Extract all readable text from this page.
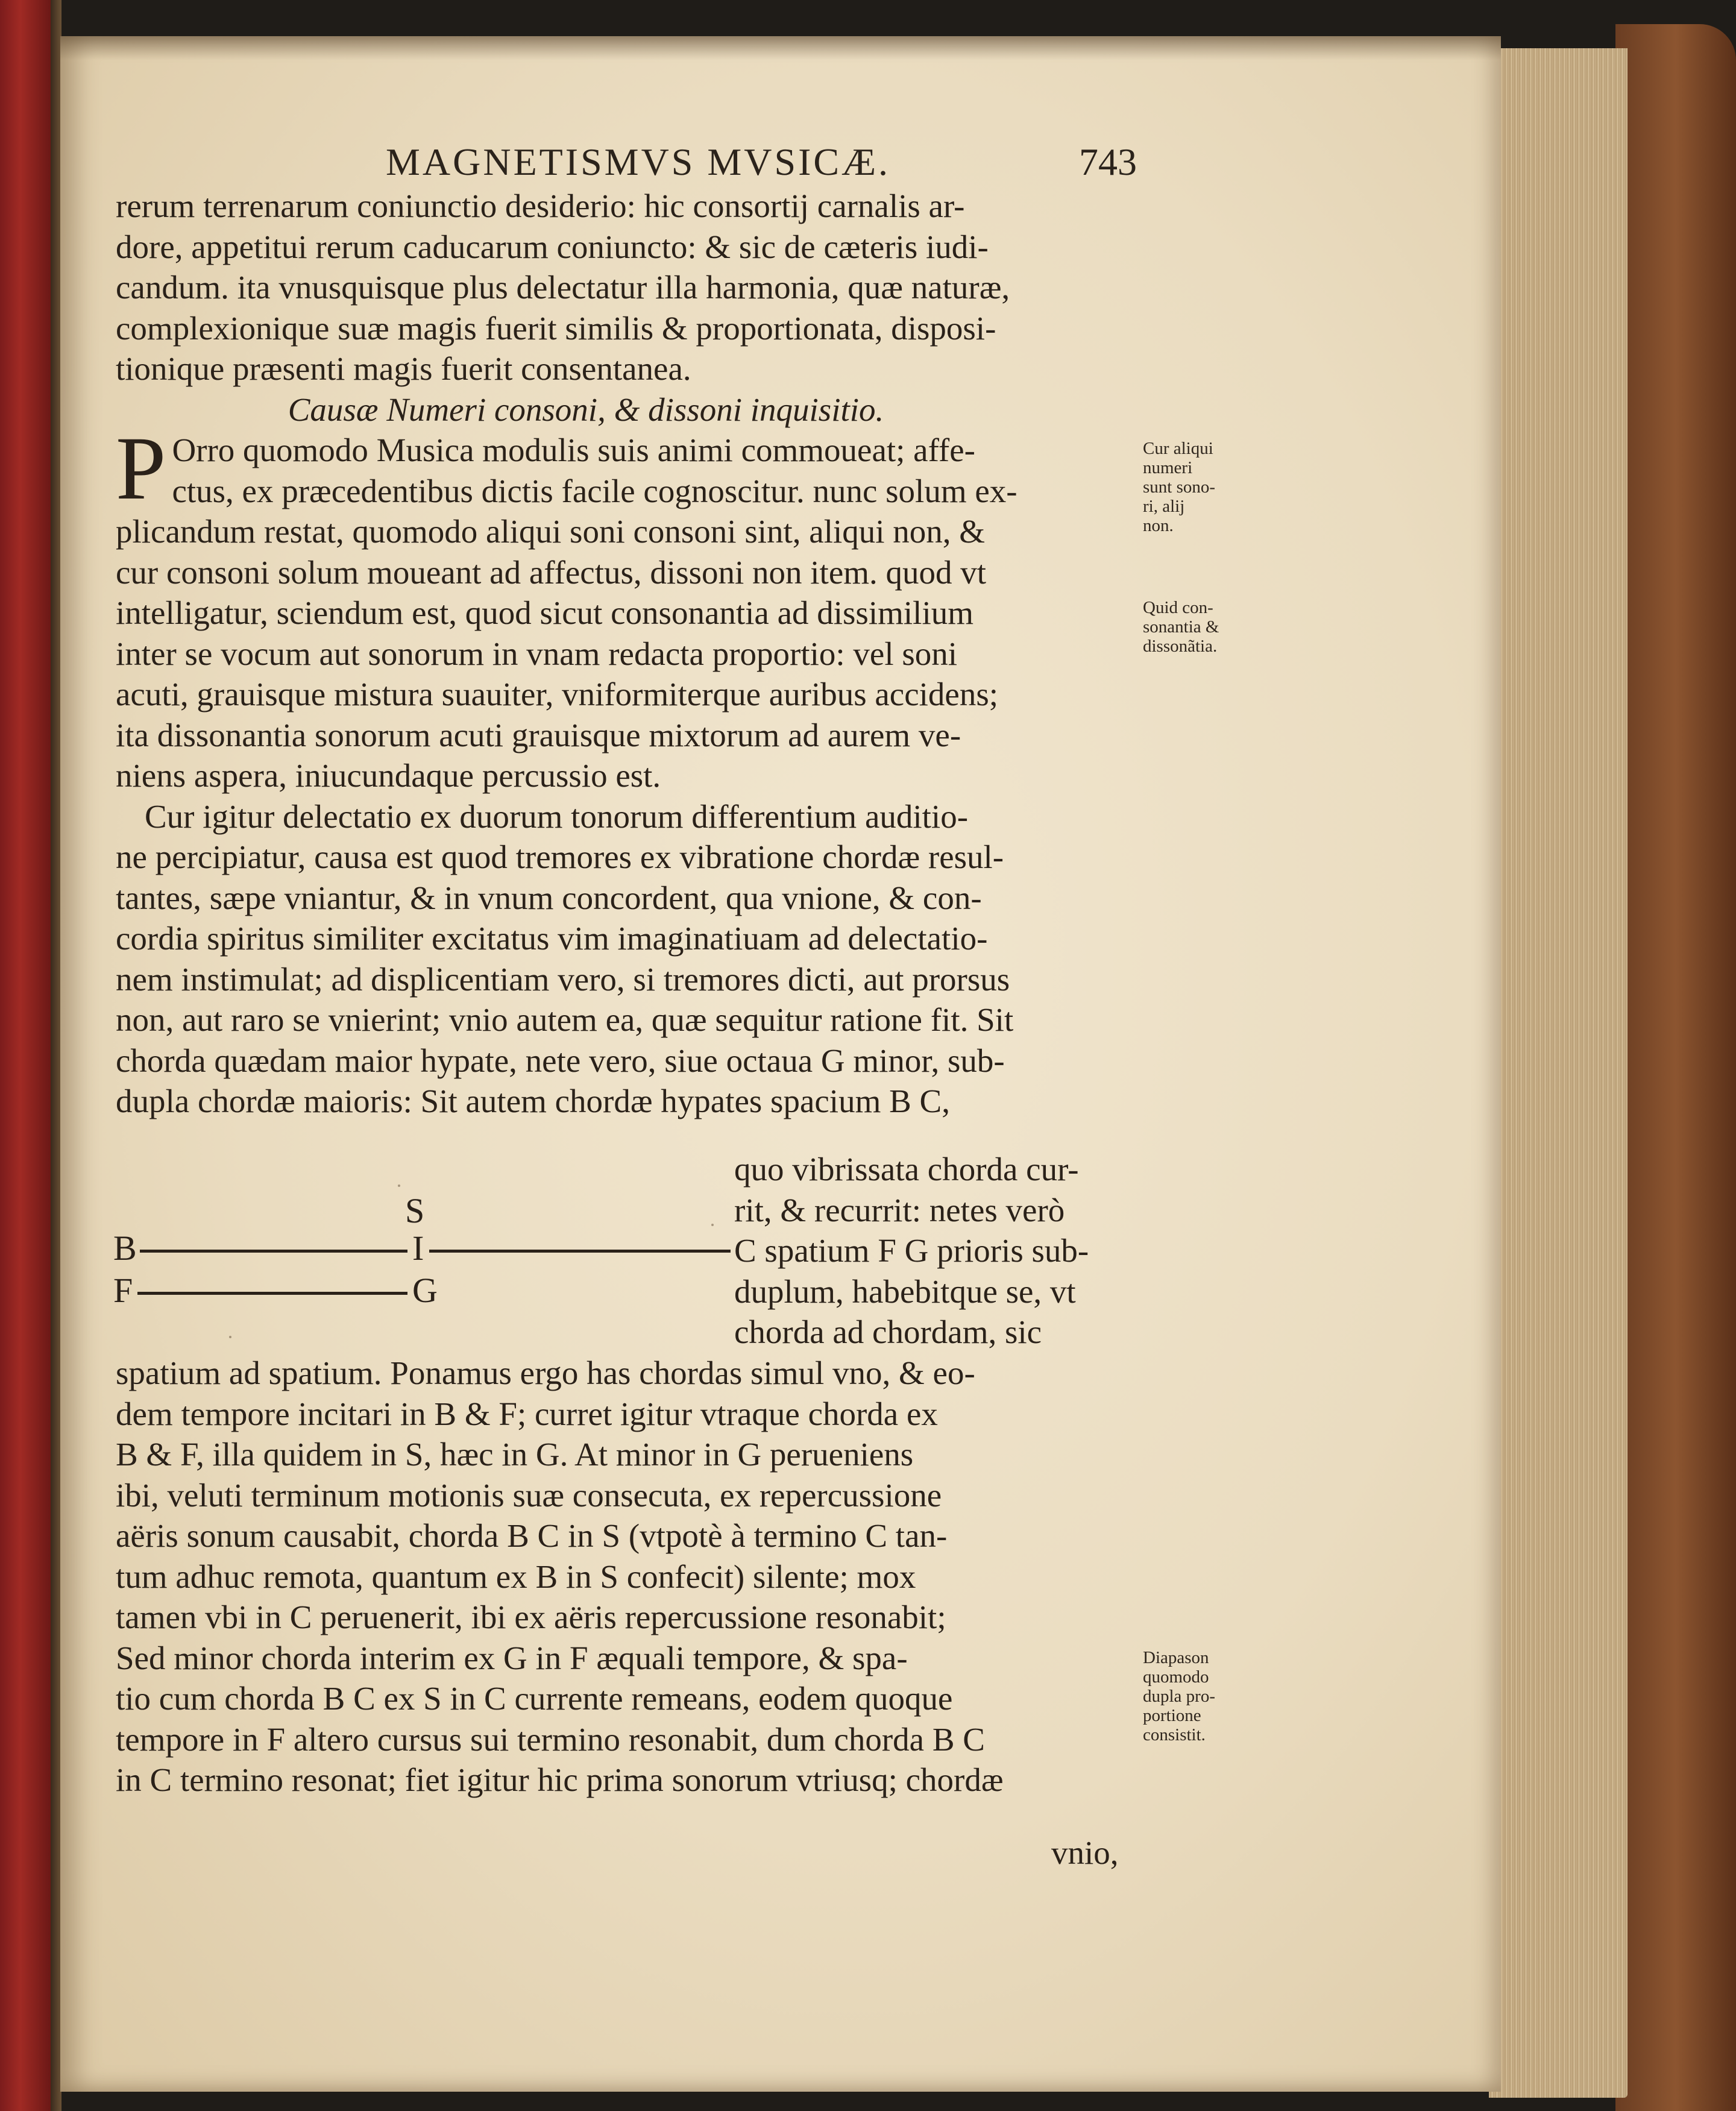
MAGNETISMVS MVSICÆ.	743
rerum terrenarum coniunctio desiderio: hic consortij carnalis ar-
dore, appetitui rerum caducarum coniuncto: & sic de cæteris iudi-
candum. ita vnusquisque plus delectatur illa harmonia, quæ naturæ,
complexionique suæ magis fuerit similis & proportionata, disposi-
tionique præsenti magis fuerit consentanea.
Causæ Numeri consoni, & dissoni inquisitio.
P Orro quomodo Musica modulis suis animi commoueat; affe-
ctus, ex præcedentibus dictis facile cognoscitur. nunc solum ex-
plicandum restat, quomodo aliqui soni consoni sint, aliqui non, &
cur consoni solum moueant ad affectus, dissoni non item. quod vt
intelligatur, sciendum est, quod sicut consonantia ad dissimilium
inter se vocum aut sonorum in vnam redacta proportio: vel soni
acuti, grauisque mistura suauiter, vniformiterque auribus accidens;
ita dissonantia sonorum acuti grauisque mixtorum ad aurem ve-
niens aspera, iniucundaque percussio est.
Cur igitur delectatio ex duorum tonorum differentium auditio-
ne percipiatur, causa est quod tremores ex vibratione chordæ resul-
tantes, sæpe vniantur, & in vnum concordent, qua vnione, & con-
cordia spiritus similiter excitatus vim imaginatiuam ad delectatio-
nem instimulat; ad displicentiam vero, si tremores dicti, aut prorsus
non, aut raro se vnierint; vnio autem ea, quæ sequitur ratione fit. Sit
chorda quædam maior hypate, nete vero, siue octaua G minor, sub-
dupla chordæ maioris: Sit autem chordæ hypates spacium B C,
quo vibrissata chorda cur-
rit, & recurrit: netes verò
C spatium F G prioris sub-
duplum, habebitque se, vt
chorda ad chordam, sic
S
B	I
F	G
spatium ad spatium. Ponamus ergo has chordas simul vno, & eo-
dem tempore incitari in B & F; curret igitur vtraque chorda ex
B & F, illa quidem in S, hæc in G. At minor in G perueniens
ibi, veluti terminum motionis suæ consecuta, ex repercussione
aëris sonum causabit, chorda B C in S (vtpotè à termino C tan-
tum adhuc remota, quantum ex B in S confecit) silente; mox
tamen vbi in C peruenerit, ibi ex aëris repercussione resonabit;
Sed minor chorda interim ex G in F æquali tempore, & spa-
tio cum chorda B C ex S in C currente remeans, eodem quoque
tempore in F altero cursus sui termino resonabit, dum chorda B C
in C termino resonat; fiet igitur hic prima sonorum vtriusq; chordæ
vnio,
Cur aliqui
numeri
sunt sono-
ri, alij
non.
Quid con-
sonantia &
dissonãtia.
Diapason
quomodo
dupla pro-
portione
consistit.
